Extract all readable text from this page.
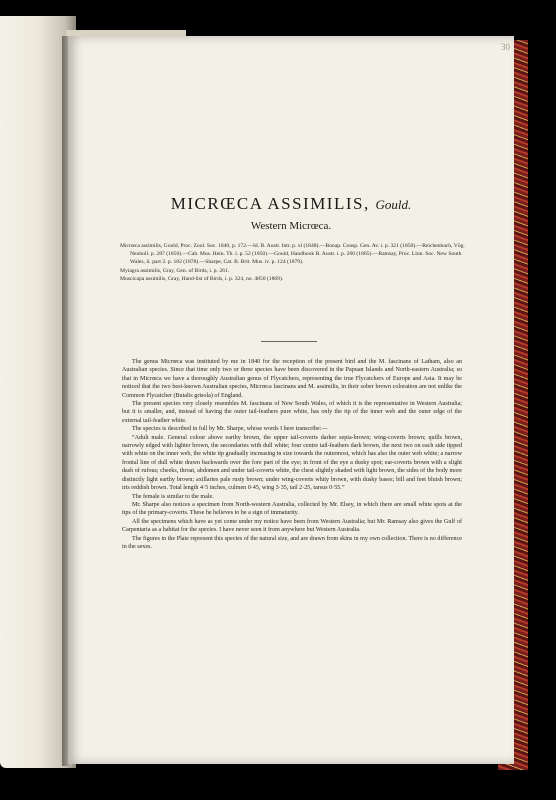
30
MICRŒCA ASSIMILIS, Gould.
Western Micrœca.

Micrœca assimilis, Gould, Proc. Zool. Soc. 1840, p. 172.—Id. B. Austr. Intr. p. xl (1848).—Bonap. Consp. Gen. Av. i. p. 321 (1850).—Reichenbach, Vög. Neuholl. p. 287 (1850).—Cab. Mus. Hein. Th. i. p. 52 (1850).—Gould, Handbook B. Austr. i. p. 260 (1865).—Ramsay, Proc. Linn. Soc. New South Wales, ii. part 2. p. 182 (1878).—Sharpe, Cat. B. Brit. Mus. iv. p. 124 (1879).

Myiagra assimilis, Gray, Gen. of Birds, i. p. 261.

Muscicapa assimilis, Gray, Hand-list of Birds, i. p. 324, no. 4850 (1869).

The genus Micrœca was instituted by me in 1840 for the reception of the present bird and the M. fascinans of Latham, also an Australian species. Since that time only two or three species have been discovered in the Papuan Islands and North-eastern Australia; so that in Micrœca we have a thoroughly Australian genus of Flycatchers, representing the true Flycatchers of Europe and Asia. It may be noticed that the two best-known Australian species, Micrœca fascinans and M. assimilis, in their sober brown coloration are not unlike the Common Flycatcher (Butalis grisola) of England.

The present species very closely resembles M. fascinans of New South Wales, of which it is the representative in Western Australia; but it is smaller, and, instead of having the outer tail-feathers pure white, has only the tip of the inner web and the outer edge of the external tail-feather white.

The species is described in full by Mr. Sharpe, whose words I here transcribe:—

“Adult male. General colour above earthy brown, the upper tail-coverts darker sepia-brown; wing-coverts brown; quills brown, narrowly edged with lighter brown, the secondaries with dull white; four centre tail-feathers dark brown, the next two on each side tipped with white on the inner web, the white tip gradually increasing in size towards the outermost, which has also the outer web white; a narrow frontal line of dull white drawn backwards over the fore part of the eye; in front of the eye a dusky spot; ear-coverts brown with a slight dash of rufous; cheeks, throat, abdomen and under tail-coverts white, the chest slightly shaded with light brown, the sides of the body more distinctly light earthy brown; axillaries pale rusty brown; under wing-coverts whity brown, with dusky bases; bill and feet bluish brown; iris reddish brown. Total length 4·5 inches, culmen 0·45, wing 3·35, tail 2·25, tarsus 0·55.”

The female is similar to the male.

Mr. Sharpe also notices a specimen from North-western Australia, collected by Mr. Elsey, in which there are small white spots at the tips of the primary-coverts. These he believes to be a sign of immaturity.

All the specimens which have as yet come under my notice have been from Western Australia; but Mr. Ramsay also gives the Gulf of Carpentaria as a habitat for the species. I have never seen it from anywhere but Western Australia.

The figures in the Plate represent this species of the natural size, and are drawn from skins in my own collection. There is no difference in the sexes.
